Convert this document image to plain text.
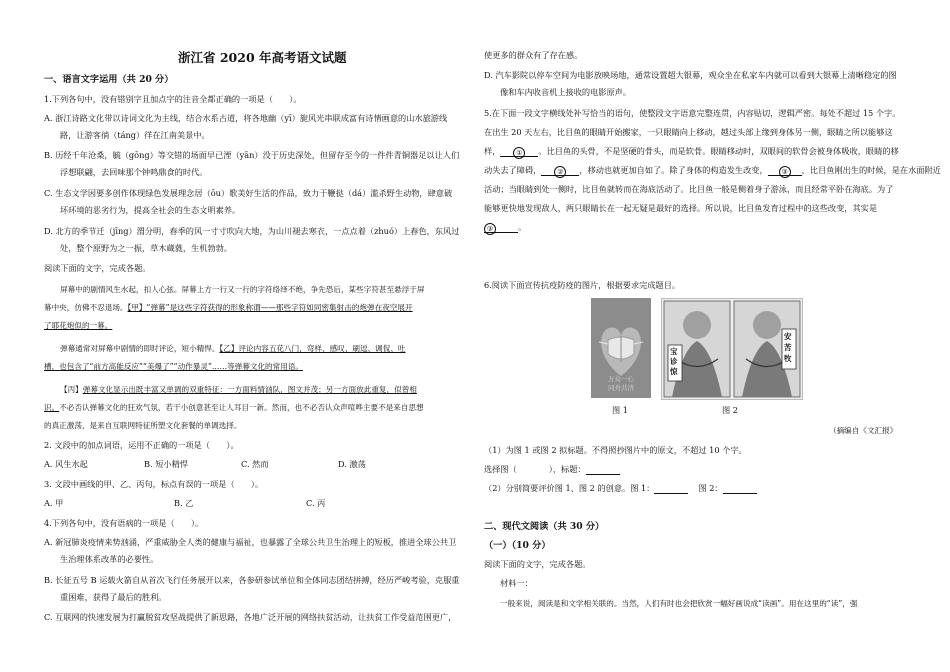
浙江省 2020 年高考语文试题
一、语言文字运用（共 20 分）
1.下列各句中，没有错别字且加点字的注音全都正确的一项是（　　）。
A. 浙江诗路文化带以诗词文化为主线，结合水系古道，将各地幽（yī）旎风光串联成富有诗情画意的山水旅游线
路，让游客徜（táng）徉在江南美景中。
B. 历经千年沧桑，毓（gōng）等交错的场面早已湮（yān）没于历史深处，但留存至今的一件件青铜器足以让人们
浮想联翩，去回味那个钟鸣鼎食的时代。
C. 生态文学因要多创作体现绿色发展理念居（ōu）歌美好生活的作品，致力于鞭挞（dá）滥杀野生动物，肆意破
坏环境的恶劣行为，提高全社会的生态文明素养。
D. 北方的季节迁（jīng）渭分明，春季的风一寸寸吹向大地，为山川褪去寒衣，一点点着（zhuó）上春色，东风过
处，整个原野为之一振，草木蔵蕤，生机勃勃。
阅读下面的文字，完成各题。
屏幕中的剧情风生水起，扣人心弦。屏幕上方一行又一行的字符络绎不绝，争先恐后，某些字符甚至悬浮于屏
幕中央，仿佛不忍退场。【甲】“弹幕”是这些字符获得的形象称谓——那些字符如同密集射击的炮弹在夜空展开
了耶花炮似的一幕。
弹幕通常对屏幕中剧情的即时评论，短小精悍。【乙】评论内容五花八门，弯样、感叹、刷逗、调侃、吐
槽，也包含了“前方高能反应”“美爆了”“动作暴灵”……等弹幕文化的常用语。
【丙】弹幕文化显示出既丰富又单调的双重特征：一方面料情汹队，图文并茂；另一方面放此重复，似曾相
识。不必否认弹幕文化的狂欢气氛，若干小创意甚至让人耳目一新。然而，也不必否认众声喧哗主要不是来自思想
的真正激荡，是来自互联网特征所塑文化套餐的单调选择。
2. 文段中的加点词语，运用不正确的一项是（　　）。
A. 风生水起	B. 短小精悍	C. 然而	D. 激荡
3. 文段中画线的甲、乙、丙句，标点有误的一项是（　　）。
A. 甲	B. 乙	C. 丙
4.下列各句中，没有语病的一项是（　　）。
A. 新冠肺炎疫情来势汹涌，严重威胁全人类的健康与福祉，也暴露了全球公共卫生治理上的短板，推进全球公共卫
生治理体系改革的必要性。
B. 长征五号 B 运载火箭自从首次飞行任务展开以来，各参研参试单位和全体同志团结拼搏，经历严峻考验，克服重
重困难，获得了最后的胜利。
C. 互联网的快速发展为打赢脱贫攻坚战提供了新思路，各地广泛开展的网络扶贫活动，让扶贫工作受益范围更广，
使更多的群众有了存在感。
D. 汽车影院以停车空间为电影放映场地，通常设置超大银幕，观众坐在私家车内就可以看到大银幕上清晰稳定的图
像和车内收音机上接收的电影原声。
5.在下面一段文字横线处补写恰当的语句，使整段文字语意完整连贯，内容贴切，逻辑严密。每处不超过 15 个字。
在出生 20 天左右，比目鱼的眼睛开始搬家，一只眼睛向上移动，越过头部上缘到身体另一侧，眼睛之所以能够这
样， ① 。比目鱼的头骨，不是坚硬的骨头，而是软骨。眼睛移动时，双眼间的软骨会被身体吸收，眼睛的移
动失去了障碍， ② ，移动也就更加自如了。除了身体的构造发生改变， ③ ，比目鱼刚出生的时候，是在水面附近
活动；当眼睛到处一侧时，比目鱼就转而在海底活动了。比目鱼一般是侧着身子游泳，而且经常平卧在海底。为了
能够更快地发现敌人，两只眼睛长在一起无疑是最好的选择。所以说，比目鱼发育过程中的这些改变，其实是
③	。
6.阅读下面宣传抗疫防疫的图片，根据要求完成题目。
万众一心
同舟共济
宝诊惊
安苦牧
图 1	图 2
（摘编自《文汇报》
（1）为图 1 或图 2 拟标题。不得照抄图片中的原文，不超过 10 个字。
选择图（	），标题：
（2）分别简要评价图 1、图 2 的创意。图 1：	图 2：
二、现代文阅读（共 30 分）
（一）（10 分）
阅读下面的文字，完成各题。
材料一：
一般来说，阅读是和文学相关联的。当然，人们有时也会把欣赏一幅好画说成“读画”。用在这里的“读”，强
